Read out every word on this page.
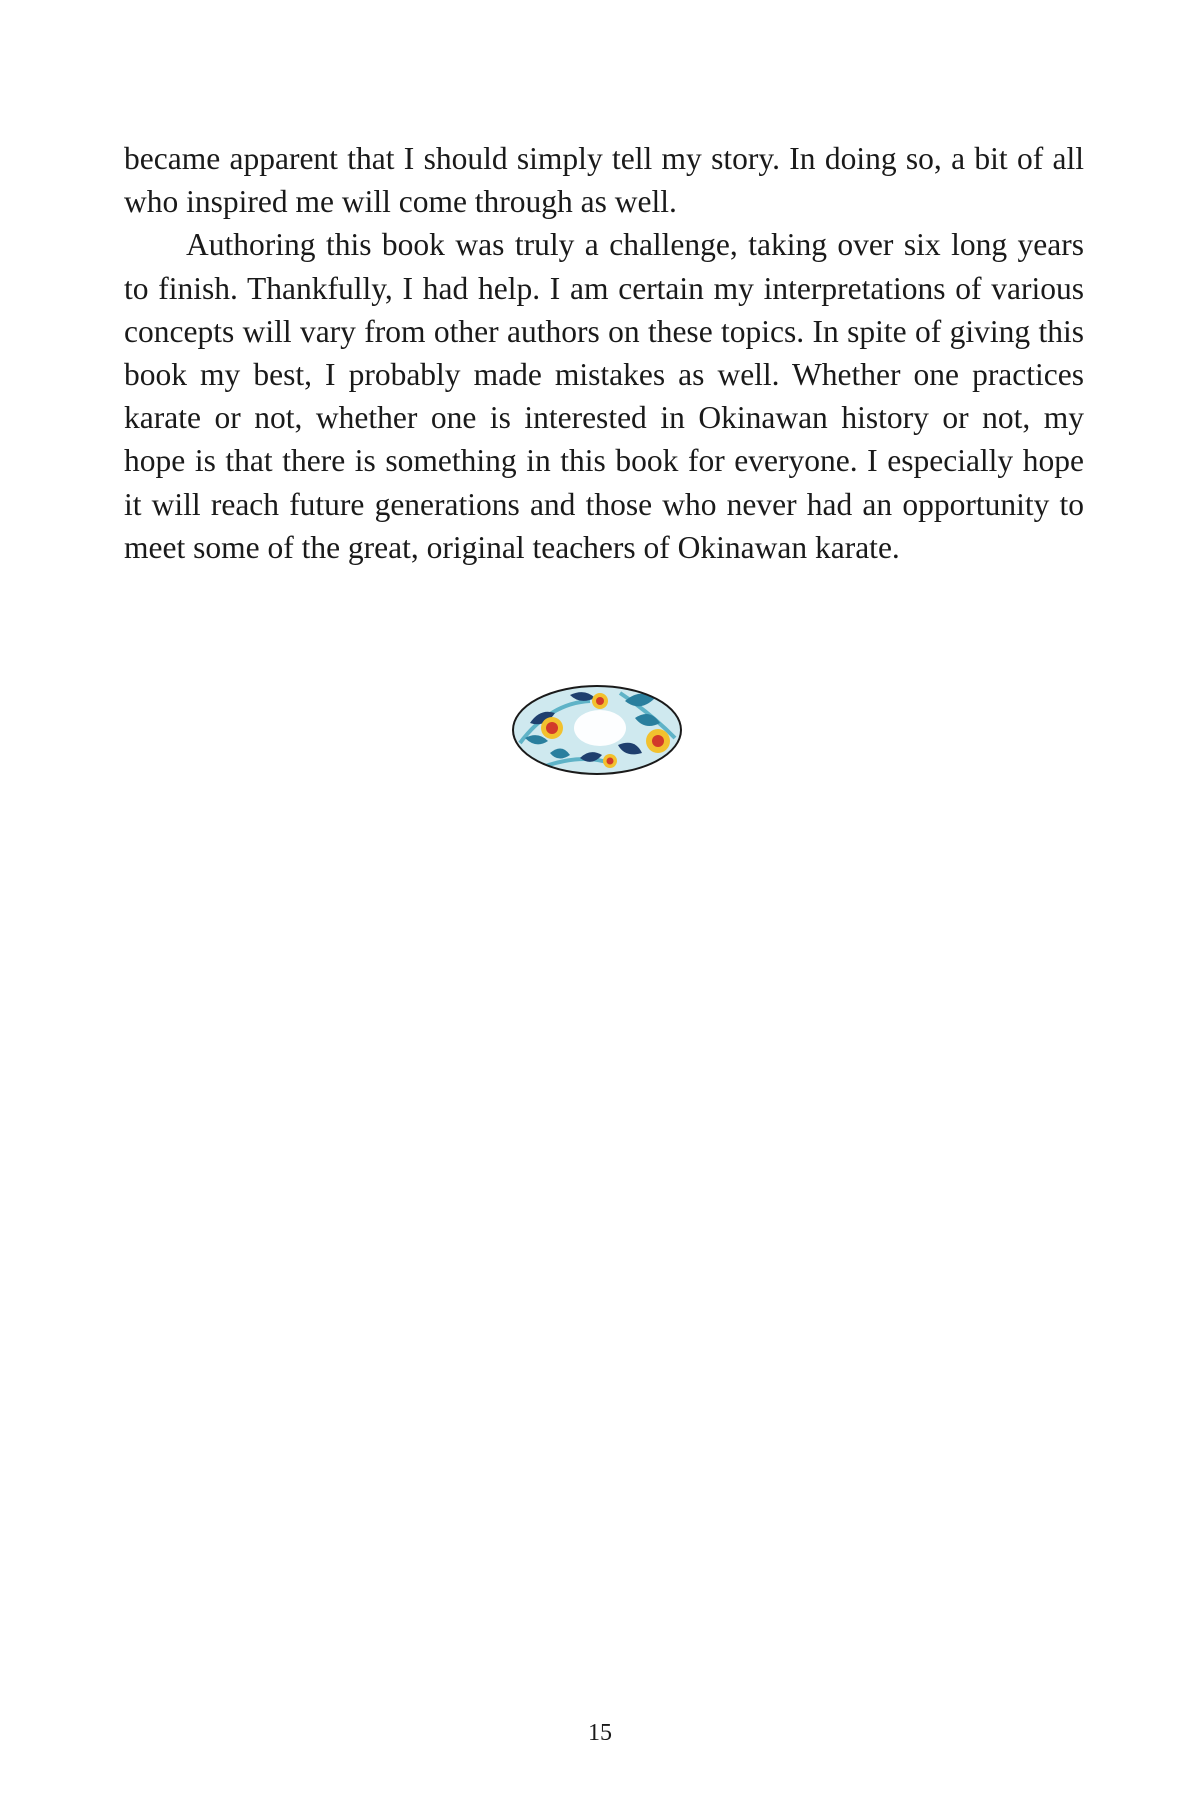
became apparent that I should simply tell my story. In doing so, a bit of all who inspired me will come through as well.

Authoring this book was truly a challenge, taking over six long years to finish. Thankfully, I had help. I am certain my interpretations of various concepts will vary from other authors on these topics. In spite of giving this book my best, I probably made mistakes as well. Whether one practices karate or not, whether one is interested in Okinawan history or not, my hope is that there is something in this book for everyone. I especially hope it will reach future generations and those who never had an opportunity to meet some of the great, original teachers of Okinawan karate.

15
